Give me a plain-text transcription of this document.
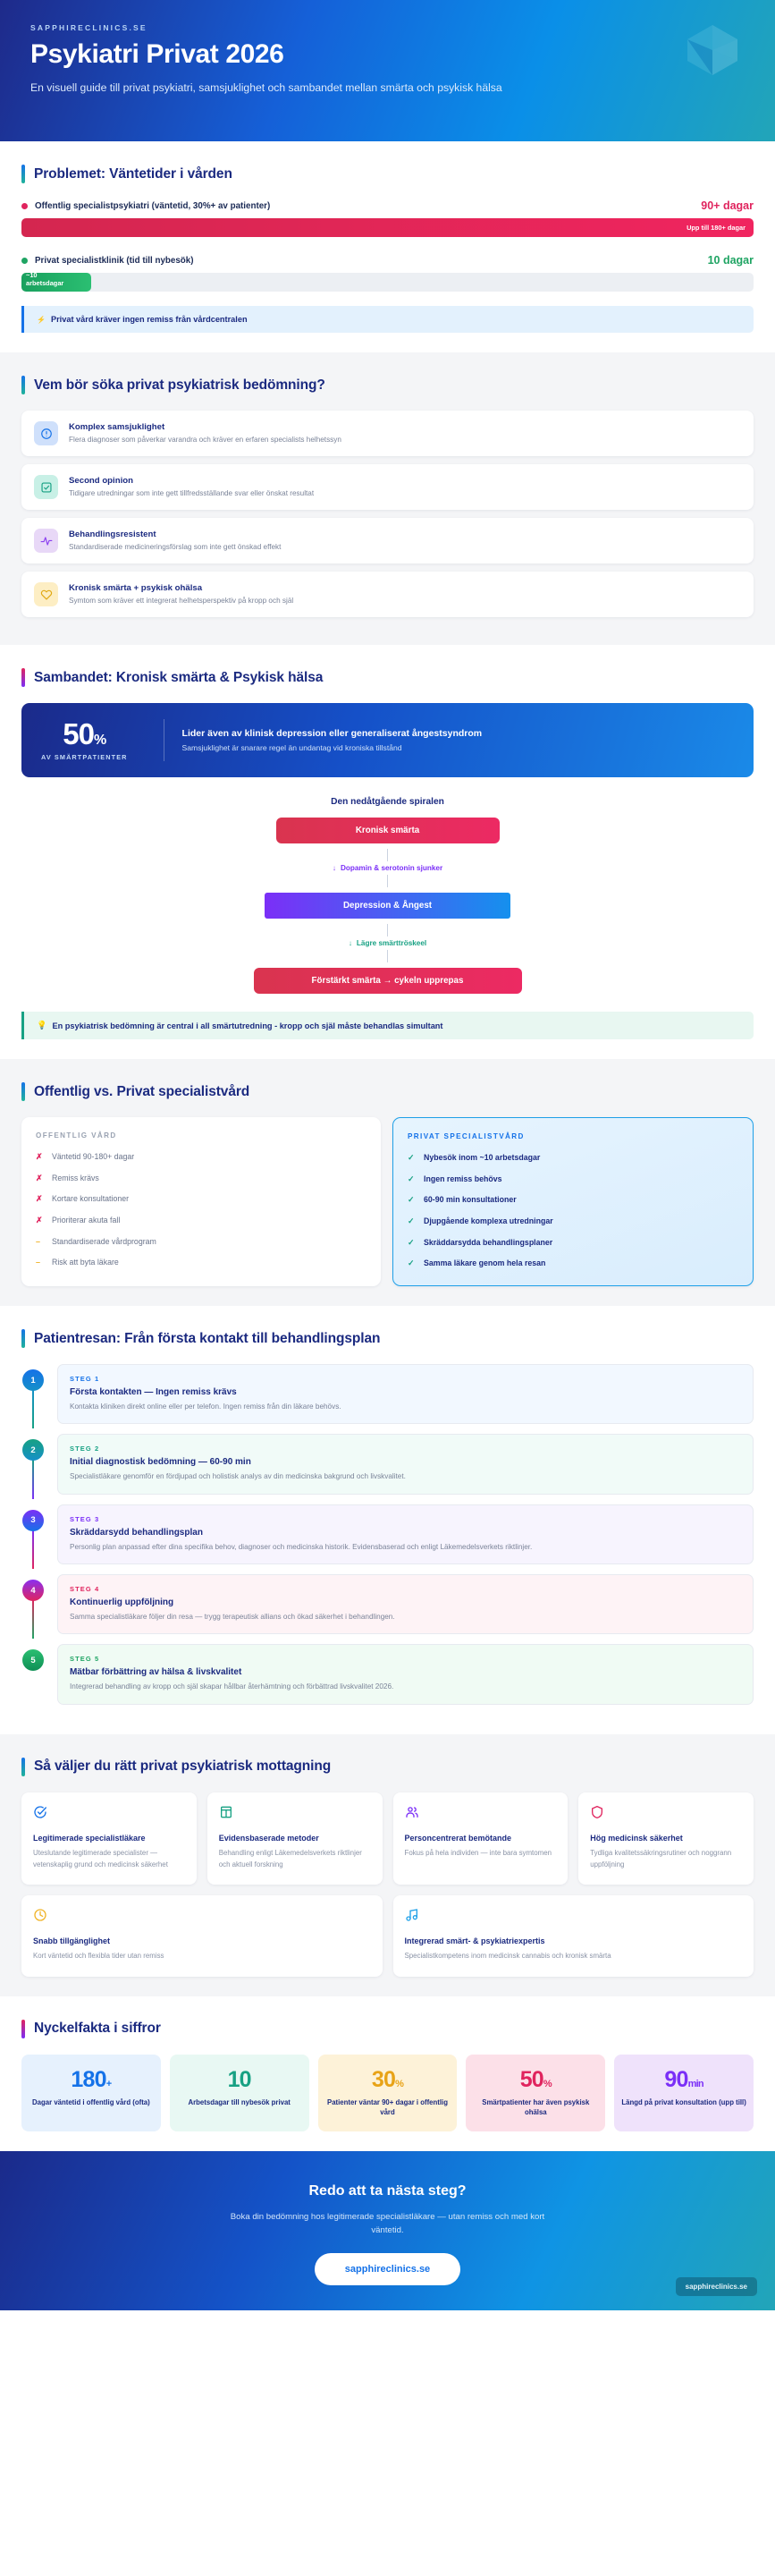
SAPPHIRECLINICS.SE
Psykiatri Privat 2026
En visuell guide till privat psykiatri, samsjuklighet och sambandet mellan smärta och psykisk hälsa
Problemet: Väntetider i vården
Offentlig specialistpsykiatri (väntetid, 30%+ av patienter)	90+ dagar
Upp till 180+ dagar
Privat specialistklinik (tid till nybesök)	10 dagar
~10 arbetsdagar
⚡ Privat vård kräver ingen remiss från vårdcentralen
Vem bör söka privat psykiatrisk bedömning?
Komplex samsjuklighet
Flera diagnoser som påverkar varandra och kräver en erfaren specialists helhetssyn
Second opinion
Tidigare utredningar som inte gett tillfredsställande svar eller önskat resultat
Behandlingsresistent
Standardiserade medicineringsförslag som inte gett önskad effekt
Kronisk smärta + psykisk ohälsa
Symtom som kräver ett integrerat helhetsperspektiv på kropp och själ
Sambandet: Kronisk smärta & Psykisk hälsa
50%
AV SMÄRTPATIENTER
Lider även av klinisk depression eller generaliserat ångestsyndrom
Samsjuklighet är snarare regel än undantag vid kroniska tillstånd
Den nedåtgående spiralen
Kronisk smärta
↓ Dopamin & serotonin sjunker
Depression & Ångest
↓ Lägre smärttröskeel
Förstärkt smärta → cykeln upprepas
💡 En psykiatrisk bedömning är central i all smärtutredning - kropp och själ måste behandlas simultant
Offentlig vs. Privat specialistvård
OFFENTLIG VÅRD
✗ Väntetid 90-180+ dagar
✗ Remiss krävs
✗ Kortare konsultationer
✗ Prioriterar akuta fall
–	Standardiserade vårdprogram
–	Risk att byta läkare
PRIVAT SPECIALISTVÅRD
✓ Nybesök inom ~10 arbetsdagar
✓ Ingen remiss behövs
✓ 60-90 min konsultationer
✓ Djupgående komplexa utredningar
✓ Skräddarsydda behandlingsplaner
✓ Samma läkare genom hela resan
Patientresan: Från första kontakt till behandlingsplan
1	STEG 1
Första kontakten — Ingen remiss krävs
Kontakta kliniken direkt online eller per telefon. Ingen remiss från din läkare behövs.
2	STEG 2
Initial diagnostisk bedömning — 60-90 min
Specialistläkare genomför en fördjupad och holistisk analys av din medicinska bakgrund och livskvalitet.
3	STEG 3
Skräddarsydd behandlingsplan
Personlig plan anpassad efter dina specifika behov, diagnoser och medicinska historik. Evidensbaserad och enligt Läkemedelsverkets riktlinjer.
4	STEG 4
Kontinuerlig uppföljning
Samma specialistläkare följer din resa — trygg terapeutisk allians och ökad säkerhet i behandlingen.
5	STEG 5
Mätbar förbättring av hälsa & livskvalitet
Integrerad behandling av kropp och själ skapar hållbar återhämtning och förbättrad livskvalitet 2026.
Så väljer du rätt privat psykiatrisk mottagning
Legitimerade specialistläkare
Uteslutande legitimerade specialister — vetenskaplig grund och medicinsk säkerhet
Evidensbaserade metoder
Behandling enligt Läkemedelsverkets riktlinjer och aktuell forskning
Personcentrerat bemötande
Fokus på hela individen — inte bara symtomen
Hög medicinsk säkerhet
Tydliga kvalitetssäkringsrutiner och noggrann uppföljning
Snabb tillgänglighet
Kort väntetid och flexibla tider utan remiss
Integrerad smärt- & psykiatriexpertis
Specialistkompetens inom medicinsk cannabis och kronisk smärta
Nyckelfakta i siffror
180+
Dagar väntetid i offentlig vård (ofta)
10
Arbetsdagar till nybesök privat
30%
Patienter väntar 90+ dagar i offentlig vård
50%
Smärtpatienter har även psykisk ohälsa
90min
Längd på privat konsultation (upp till)
Redo att ta nästa steg?
Boka din bedömning hos legitimerade specialistläkare — utan remiss och med kort väntetid.
sapphireclinics.se
sapphireclinics.se
